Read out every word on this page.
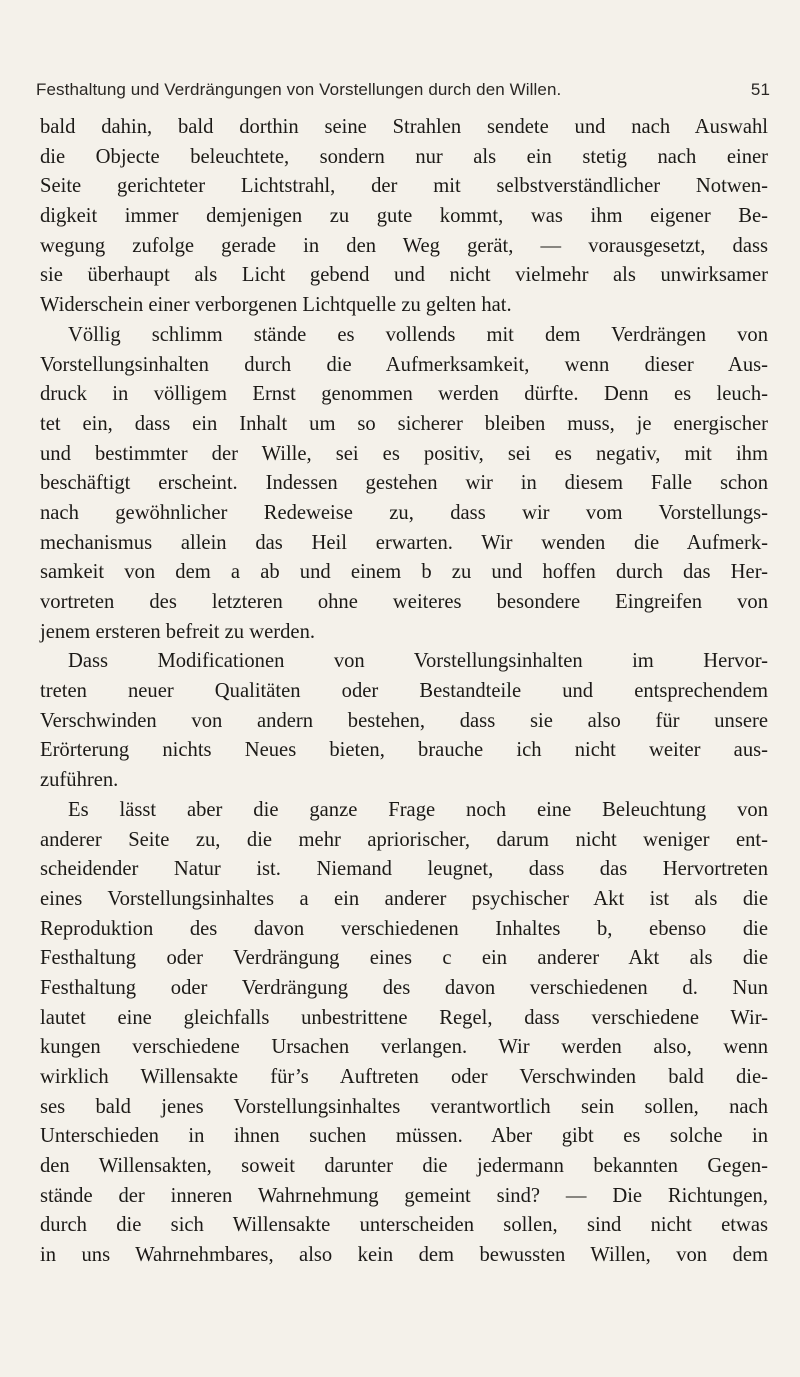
Festhaltung und Verdrängungen von Vorstellungen durch den Willen.	51
bald dahin, bald dorthin seine Strahlen sendete und nach Auswahl
die Objecte beleuchtete, sondern nur als ein stetig nach einer
Seite gerichteter Lichtstrahl, der mit selbstverständlicher Notwen-
digkeit immer demjenigen zu gute kommt, was ihm eigener Be-
wegung zufolge gerade in den Weg gerät, — vorausgesetzt, dass
sie überhaupt als Licht gebend und nicht vielmehr als unwirksamer
Widerschein einer verborgenen Lichtquelle zu gelten hat.
Völlig schlimm stände es vollends mit dem Verdrängen von
Vorstellungsinhalten durch die Aufmerksamkeit, wenn dieser Aus-
druck in völligem Ernst genommen werden dürfte. Denn es leuch-
tet ein, dass ein Inhalt um so sicherer bleiben muss, je energischer
und bestimmter der Wille, sei es positiv, sei es negativ, mit ihm
beschäftigt erscheint. Indessen gestehen wir in diesem Falle schon
nach gewöhnlicher Redeweise zu, dass wir vom Vorstellungs-
mechanismus allein das Heil erwarten. Wir wenden die Aufmerk-
samkeit von dem a ab und einem b zu und hoffen durch das Her-
vortreten des letzteren ohne weiteres besondere Eingreifen von
jenem ersteren befreit zu werden.
Dass Modificationen von Vorstellungsinhalten im Hervor-
treten neuer Qualitäten oder Bestandteile und entsprechendem
Verschwinden von andern bestehen, dass sie also für unsere
Erörterung nichts Neues bieten, brauche ich nicht weiter aus-
zuführen.
Es lässt aber die ganze Frage noch eine Beleuchtung von
anderer Seite zu, die mehr apriorischer, darum nicht weniger ent-
scheidender Natur ist. Niemand leugnet, dass das Hervortreten
eines Vorstellungsinhaltes a ein anderer psychischer Akt ist als die
Reproduktion des davon verschiedenen Inhaltes b, ebenso die
Festhaltung oder Verdrängung eines c ein anderer Akt als die
Festhaltung oder Verdrängung des davon verschiedenen d. Nun
lautet eine gleichfalls unbestrittene Regel, dass verschiedene Wir-
kungen verschiedene Ursachen verlangen. Wir werden also, wenn
wirklich Willensakte für’s Auftreten oder Verschwinden bald die-
ses bald jenes Vorstellungsinhaltes verantwortlich sein sollen, nach
Unterschieden in ihnen suchen müssen. Aber gibt es solche in
den Willensakten, soweit darunter die jedermann bekannten Gegen-
stände der inneren Wahrnehmung gemeint sind? — Die Richtungen,
durch die sich Willensakte unterscheiden sollen, sind nicht etwas
in uns Wahrnehmbares, also kein dem bewussten Willen, von dem
